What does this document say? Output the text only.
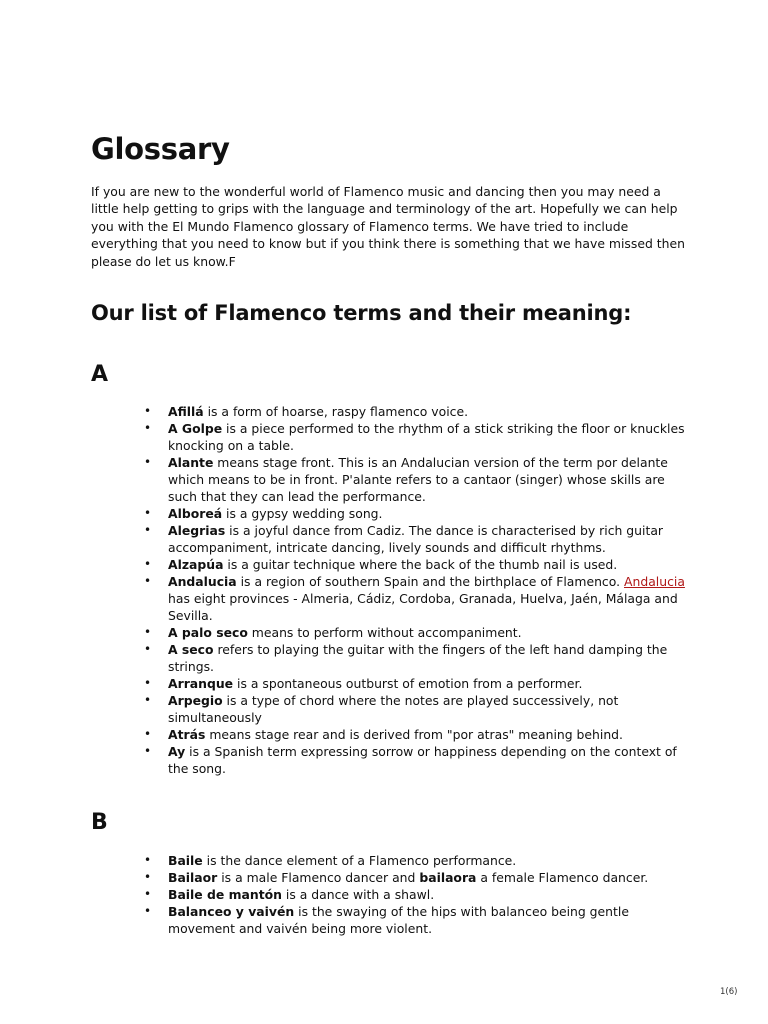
Glossary

If you are new to the wonderful world of Flamenco music and dancing then you may need a little help getting to grips with the language and terminology of the art. Hopefully we can help you with the El Mundo Flamenco glossary of Flamenco terms. We have tried to include everything that you need to know but if you think there is something that we have missed then please do let us know.F

Our list of Flamenco terms and their meaning:
A
• Afillá is a form of hoarse, raspy flamenco voice.
• A Golpe is a piece performed to the rhythm of a stick striking the floor or knuckles knocking on a table.
• Alante means stage front. This is an Andalucian version of the term por delante which means to be in front. P'alante refers to a cantaor (singer) whose skills are such that they can lead the performance.
• Alboreá is a gypsy wedding song.
• Alegrias is a joyful dance from Cadiz. The dance is characterised by rich guitar accompaniment, intricate dancing, lively sounds and difficult rhythms.
• Alzapúa is a guitar technique where the back of the thumb nail is used.
• Andalucia is a region of southern Spain and the birthplace of Flamenco. Andalucia has eight provinces - Almeria, Cádiz, Cordoba, Granada, Huelva, Jaén, Málaga and Sevilla.
• A palo seco means to perform without accompaniment.
• A seco refers to playing the guitar with the fingers of the left hand damping the strings.
• Arranque is a spontaneous outburst of emotion from a performer.
• Arpegio is a type of chord where the notes are played successively, not simultaneously
• Atrás means stage rear and is derived from "por atras" meaning behind.
• Ay is a Spanish term expressing sorrow or happiness depending on the context of the song.
B
• Baile is the dance element of a Flamenco performance.
• Bailaor is a male Flamenco dancer and bailaora a female Flamenco dancer.
• Baile de mantón is a dance with a shawl.
• Balanceo y vaivén is the swaying of the hips with balanceo being gentle movement and vaivén being more violent.
1(6)
